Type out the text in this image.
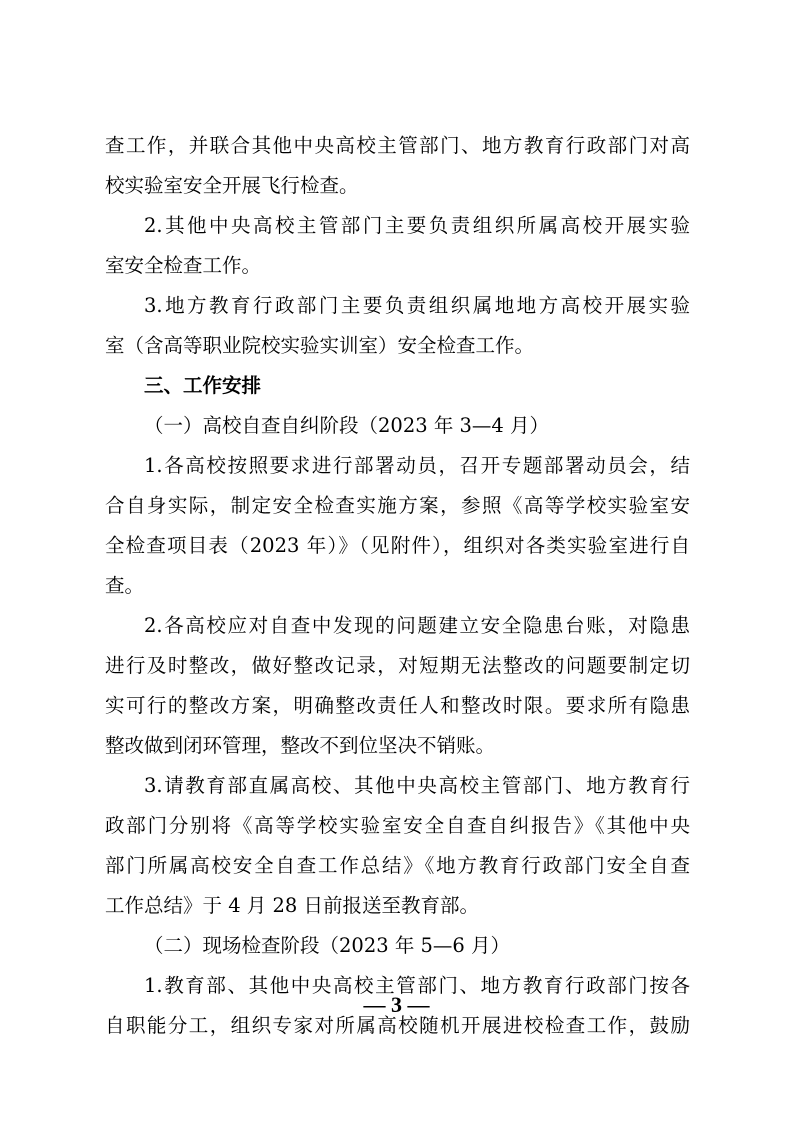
查工作，并联合其他中央高校主管部门、地方教育行政部门对高
校实验室安全开展飞行检查。
2.其他中央高校主管部门主要负责组织所属高校开展实验
室安全检查工作。
3.地方教育行政部门主要负责组织属地地方高校开展实验
室（含高等职业院校实验实训室）安全检查工作。
三、工作安排
（一）高校自查自纠阶段（2023 年 3—4 月）
1.各高校按照要求进行部署动员，召开专题部署动员会，结
合自身实际，制定安全检查实施方案，参照《高等学校实验室安
全检查项目表（2023 年）》（见附件），组织对各类实验室进行自
查。
2.各高校应对自查中发现的问题建立安全隐患台账，对隐患
进行及时整改，做好整改记录，对短期无法整改的问题要制定切
实可行的整改方案，明确整改责任人和整改时限。要求所有隐患
整改做到闭环管理，整改不到位坚决不销账。
3.请教育部直属高校、其他中央高校主管部门、地方教育行
政部门分别将《高等学校实验室安全自查自纠报告》《其他中央
部门所属高校安全自查工作总结》《地方教育行政部门安全自查
工作总结》于 4 月 28 日前报送至教育部。
（二）现场检查阶段（2023 年 5—6 月）
1.教育部、其他中央高校主管部门、地方教育行政部门按各
自职能分工，组织专家对所属高校随机开展进校检查工作，鼓励
— 3 —
